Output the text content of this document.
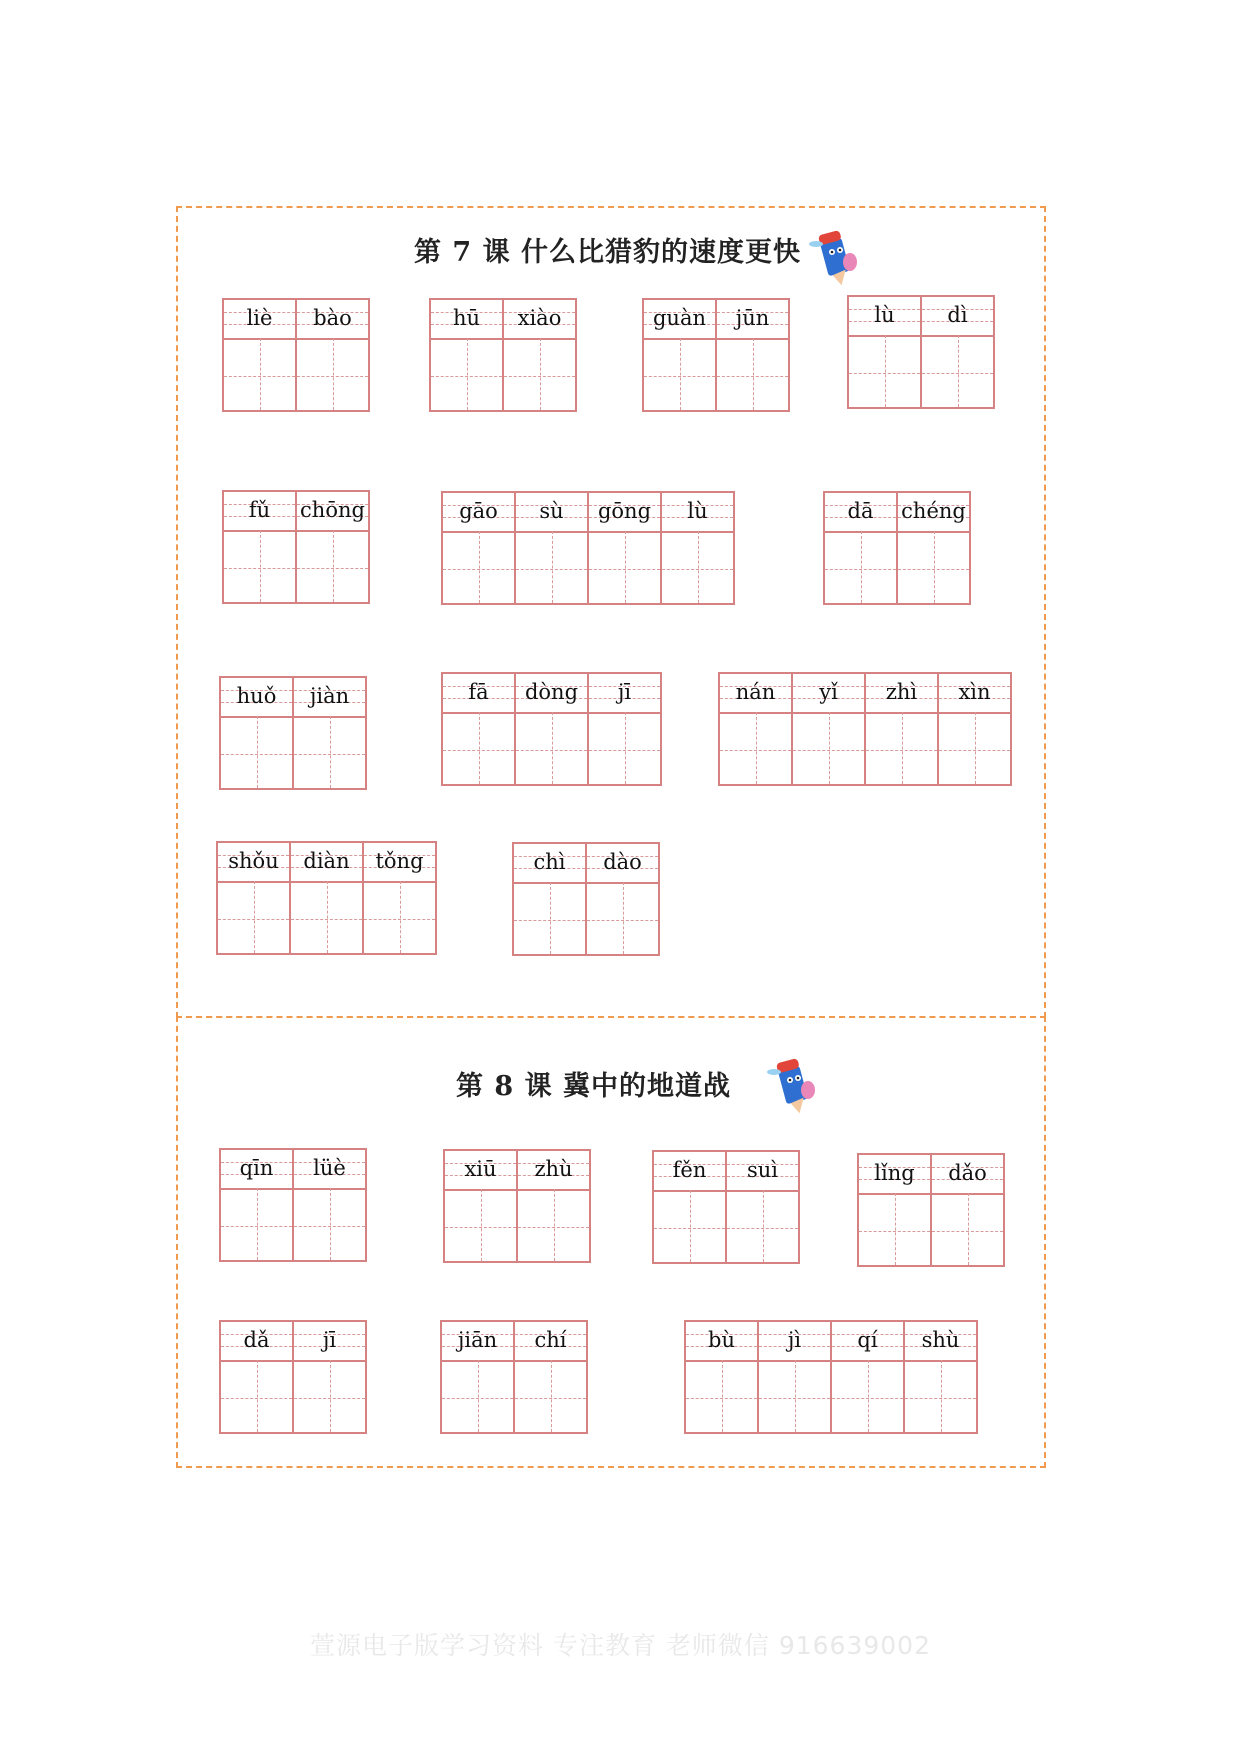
第 7 课 什么比猎豹的速度更快
第 8 课 冀中的地道战
liè	bào	hū	xiào	guàn	jūn	lù	dì
fǔ	chōng	gāo	sù	gōng	lù	dā	chéng
huǒ	jiàn	fā	dòng	jī	nán	yǐ	zhì	xìn
shǒu	diàn	tǒng	chì	dào
qīn	lüè	xiū	zhù	fěn	suì	lǐng	dǎo
dǎ	jī	jiān	chí	bù	jì	qí	shù
萱源电子版学习资料 专注教育 老师微信 916639002
